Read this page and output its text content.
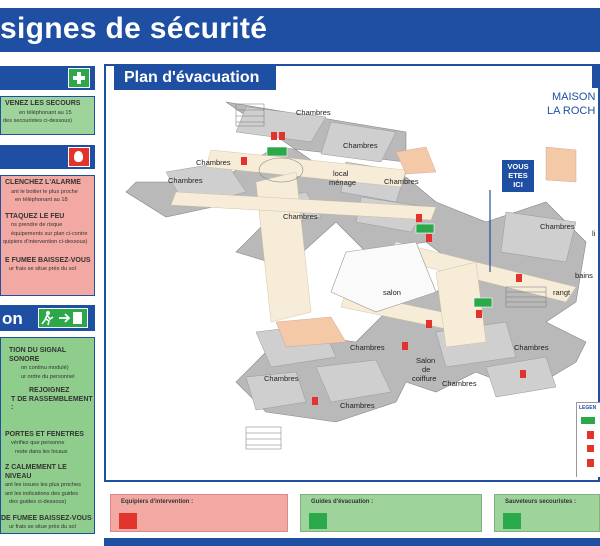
signes de sécurité
VENEZ LES SECOURS
en téléphonant au 15
des secouristes ci-dessous)
CLENCHEZ L'ALARME
ant le boitier le plus proche
en téléphonant au 18
TTAQUEZ LE FEU
ns prendre de risque
équipements sur plan ci-contre
quipiers d'intervention ci-dessous)
E FUMEE BAISSEZ-VOUS
ur frais se situe près du sol
on
TION DU SIGNAL SONORE
on continu modulé)
ur ordre du personnel
REJOIGNEZ
T DE RASSEMBLEMENT :
PORTES ET FENETRES
vérifiez que personne
reste dans les locaux
Z CALMEMENT LE NIVEAU
ant les issues les plus proches
ant les indications des guides
des guides ci-dessous)
DE FUMEE BAISSEZ-VOUS
ur frais se situe près du sol
Plan d'évacuation
MAISON
LA ROCH
Chambres
Chambres
Chambres
Chambres
Chambres
Chambres
Chambres
Chambres
Chambres
Chambres
Chambres
Chambres
local
ménage
salon
Salon
de
coiffure
bains
rangt
li
VOUS
ETES
ICI
LEGEN
Equipiers d'intervention :	Guides d'évacuation :	Sauveteurs secouristes :
